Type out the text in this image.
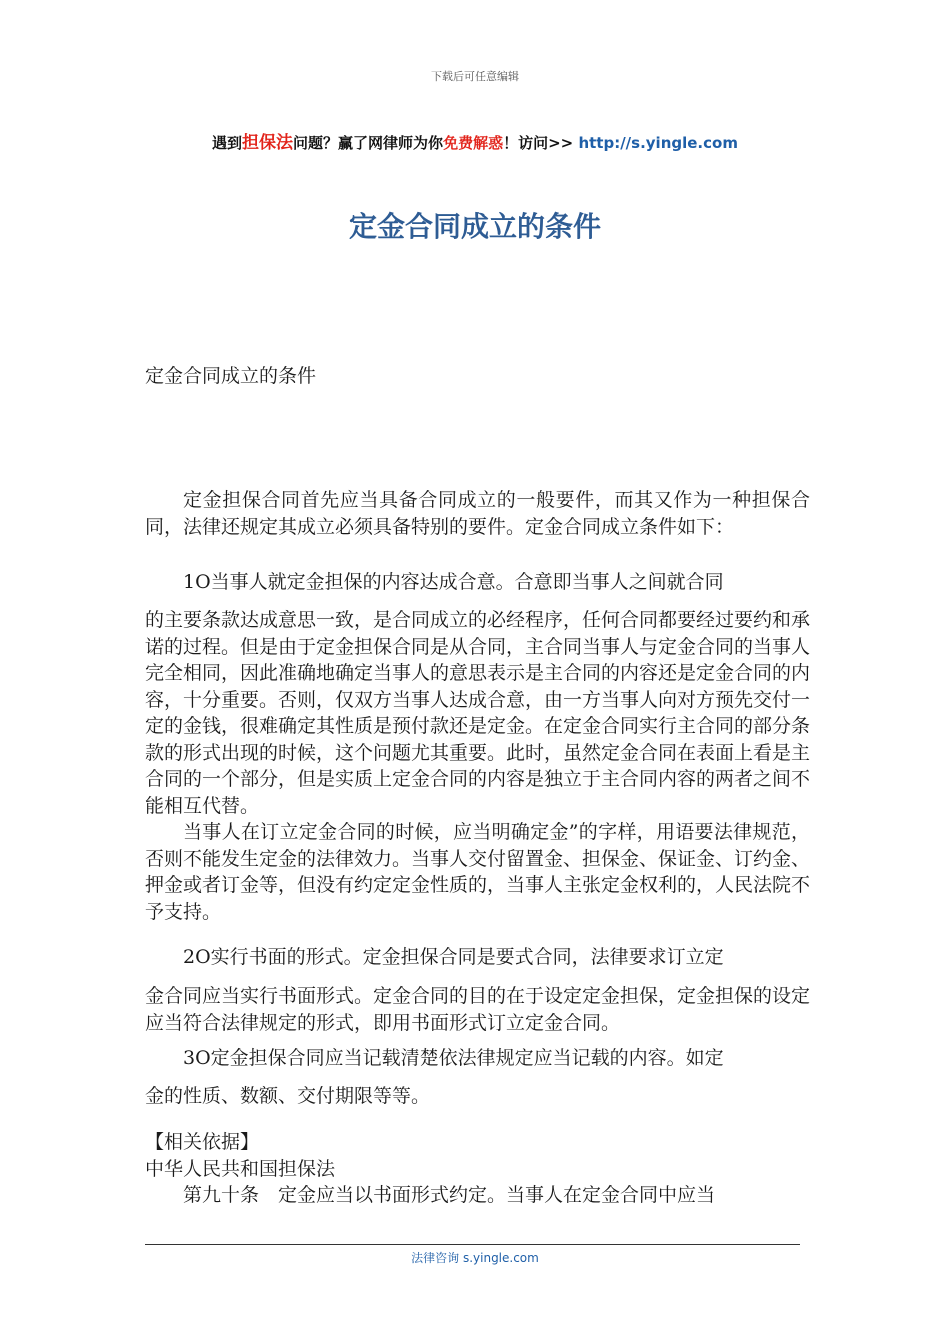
下载后可任意编辑
遇到担保法问题？赢了网律师为你免费解惑！访问>> http://s.yingle.com
定金合同成立的条件
定金合同成立的条件

定金担保合同首先应当具备合同成立的一般要件，而其又作为一种担保合同，法律还规定其成立必须具备特别的要件。定金合同成立条件如下：

1O当事人就定金担保的内容达成合意。合意即当事人之间就合同

的主要条款达成意思一致，是合同成立的必经程序，任何合同都要经过要约和承诺的过程。但是由于定金担保合同是从合同，主合同当事人与定金合同的当事人完全相同，因此准确地确定当事人的意思表示是主合同的内容还是定金合同的内容，十分重要。否则，仅双方当事人达成合意，由一方当事人向对方预先交付一定的金钱，很难确定其性质是预付款还是定金。在定金合同实行主合同的部分条款的形式出现的时候，这个问题尤其重要。此时，虽然定金合同在表面上看是主合同的一个部分，但是实质上定金合同的内容是独立于主合同内容的两者之间不能相互代替。

当事人在订立定金合同的时候，应当明确定金”的字样，用语要法律规范，否则不能发生定金的法律效力。当事人交付留置金、担保金、保证金、订约金、押金或者订金等，但没有约定定金性质的，当事人主张定金权利的，人民法院不予支持。

2O实行书面的形式。定金担保合同是要式合同，法律要求订立定

金合同应当实行书面形式。定金合同的目的在于设定定金担保，定金担保的设定应当符合法律规定的形式，即用书面形式订立定金合同。

3O定金担保合同应当记载清楚依法律规定应当记载的内容。如定

金的性质、数额、交付期限等等。

【相关依据】

中华人民共和国担保法

第九十条　定金应当以书面形式约定。当事人在定金合同中应当

法律咨询 s.yingle.com
